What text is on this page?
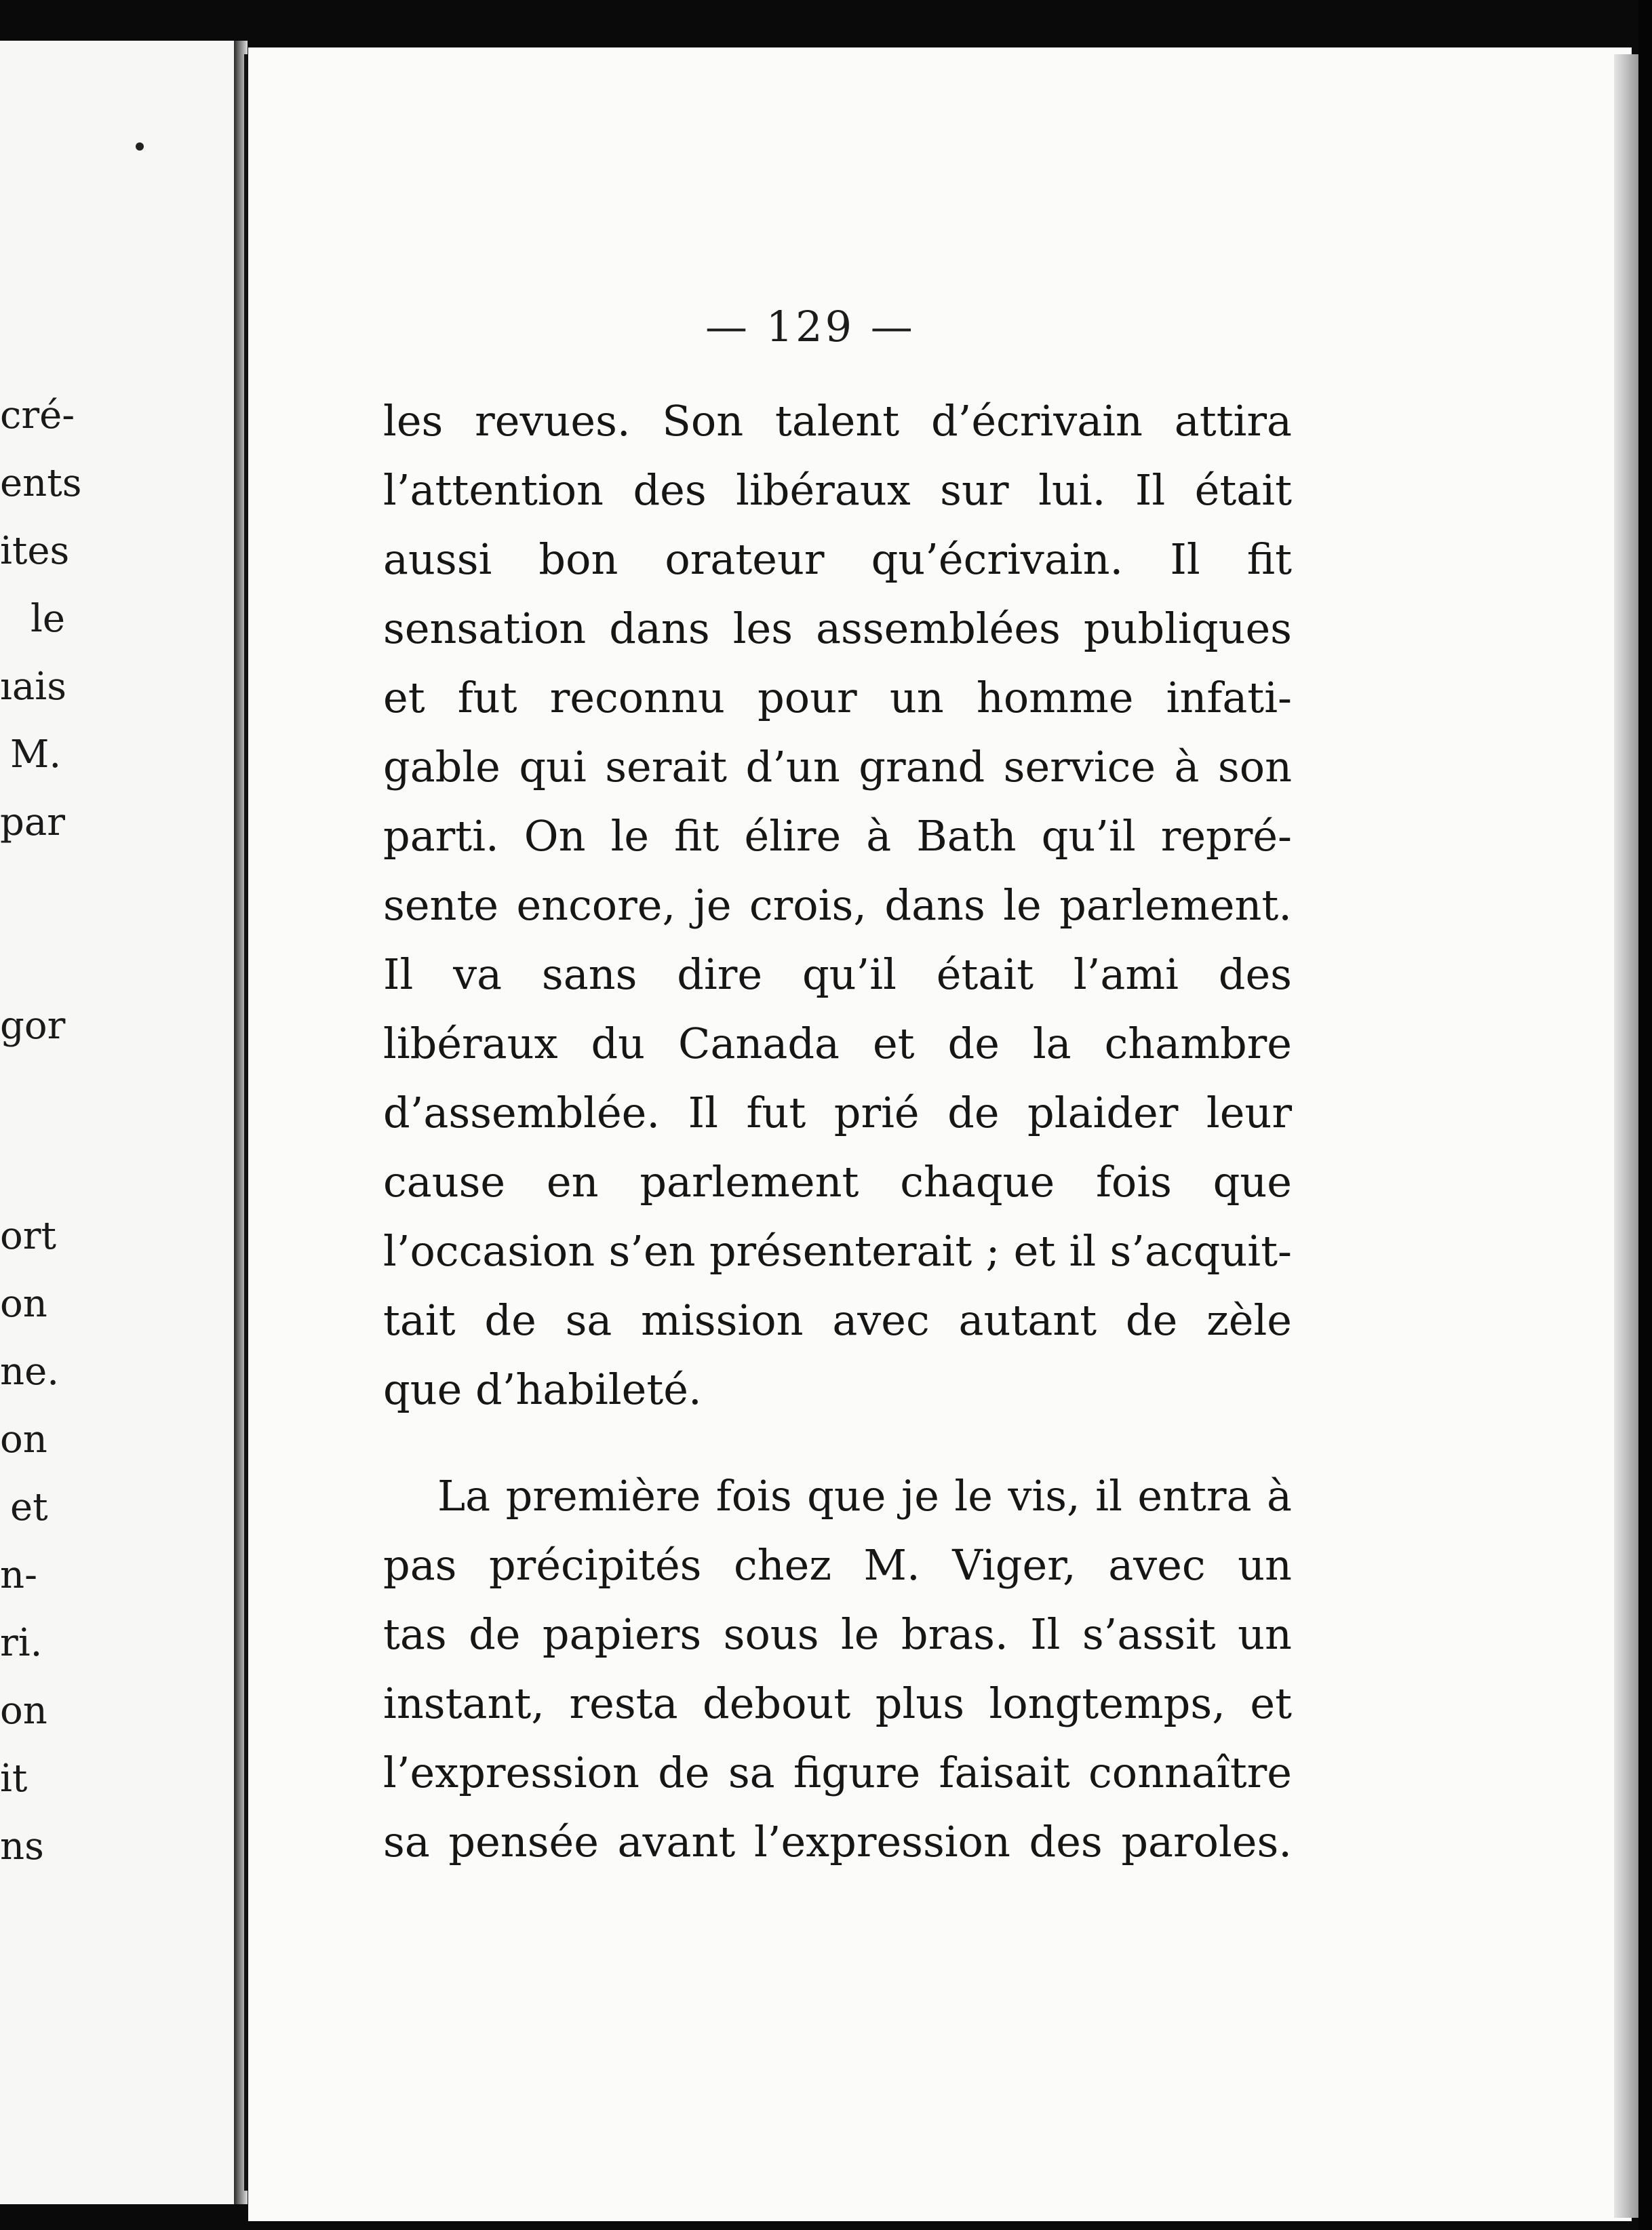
cré-
ents
ites
le
ıais
M.
par
gor
ort
on
ne.
on
et
n-
ri.
on
it
ns
— 129 —
les revues. Son talent d’écrivain attira
l’attention des libéraux sur lui. Il était
aussi bon orateur qu’écrivain. Il fit
sensation dans les assemblées publiques
et fut reconnu pour un homme infati-
gable qui serait d’un grand service à son
parti. On le fit élire à Bath qu’il repré-
sente encore, je crois, dans le parlement.
Il va sans dire qu’il était l’ami des
libéraux du Canada et de la chambre
d’assemblée. Il fut prié de plaider leur
cause en parlement chaque fois que
l’occasion s’en présenterait ; et il s’acquit-
tait de sa mission avec autant de zèle
que d’habileté.
La première fois que je le vis, il entra à
pas précipités chez M. Viger, avec un
tas de papiers sous le bras. Il s’assit un
instant, resta debout plus longtemps, et
l’expression de sa figure faisait connaître
sa pensée avant l’expression des paroles.
